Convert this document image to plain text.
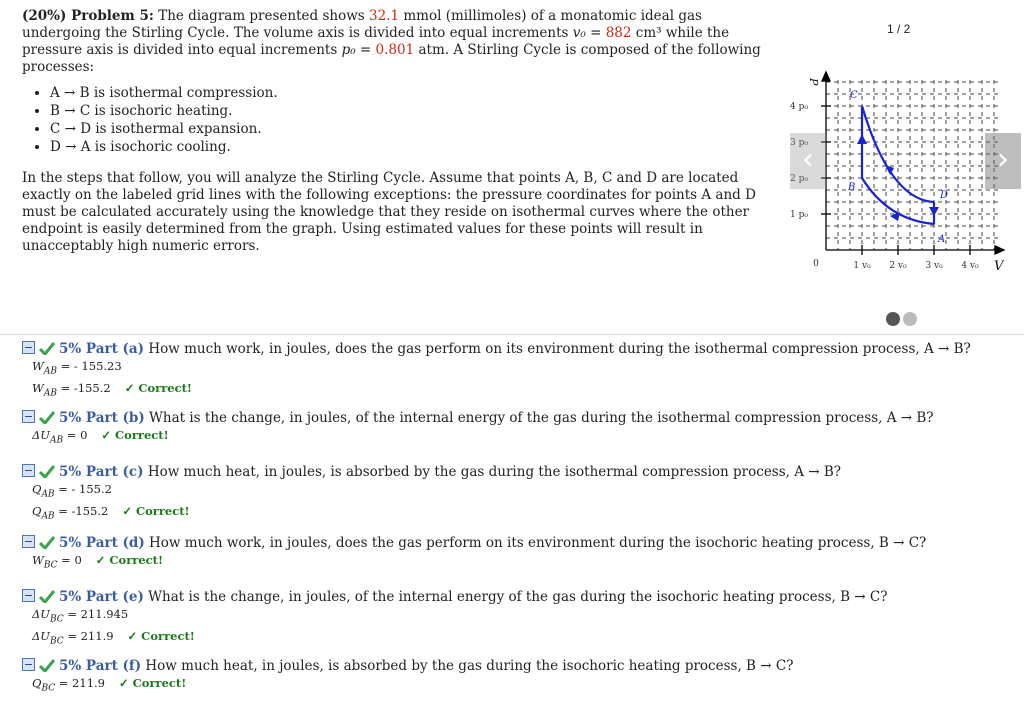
(20%) Problem 5: The diagram presented shows 32.1 mmol (millimoles) of a monatomic ideal gas undergoing the Stirling Cycle. The volume axis is divided into equal increments v₀ = 882 cm³ while the pressure axis is divided into equal increments p₀ = 0.801 atm. A Stirling Cycle is composed of the following processes:
• A → B is isothermal compression.
• B → C is isochoric heating.
• C → D is isothermal expansion.
• D → A is isochoric cooling.
In the steps that follow, you will analyze the Stirling Cycle. Assume that points A, B, C and D are located exactly on the labeled grid lines with the following exceptions: the pressure coordinates for points A and D must be calculated accurately using the knowledge that they reside on isothermal curves where the other endpoint is easily determined from the graph. Using estimated values for these points will result in unacceptably high numeric errors.
1 / 2
1 p₀
2 p₀
3 p₀
4 p₀
1 v₀ 2 v₀ 3 v₀ 4 v₀
0	V
P
C
B
D
A
‹	›
5% Part (a) How much work, in joules, does the gas perform on its environment during the isothermal compression process, A → B?
$W_{AB}$ = - 155.23
$W_{AB} = -155.2$ ✓ Correct!
5% Part (b) What is the change, in joules, of the internal energy of the gas during the isothermal compression process, A → B?
$\Delta U_{AB} = 0$ ✓ Correct!
5% Part (c) How much heat, in joules, is absorbed by the gas during the isothermal compression process, A → B?
$Q_{AB}$ = - 155.2
$Q_{AB} = -155.2$ ✓ Correct!
5% Part (d) How much work, in joules, does the gas perform on its environment during the isochoric heating process, B → C?
$W_{BC} = 0$ ✓ Correct!
5% Part (e) What is the change, in joules, of the internal energy of the gas during the isochoric heating process, B → C?
$\Delta U_{BC} = 211.945$
$\Delta U_{BC} = 211.9$ ✓ Correct!
5% Part (f) How much heat, in joules, is absorbed by the gas during the isochoric heating process, B → C?
$Q_{BC} = 211.9$ ✓ Correct!
